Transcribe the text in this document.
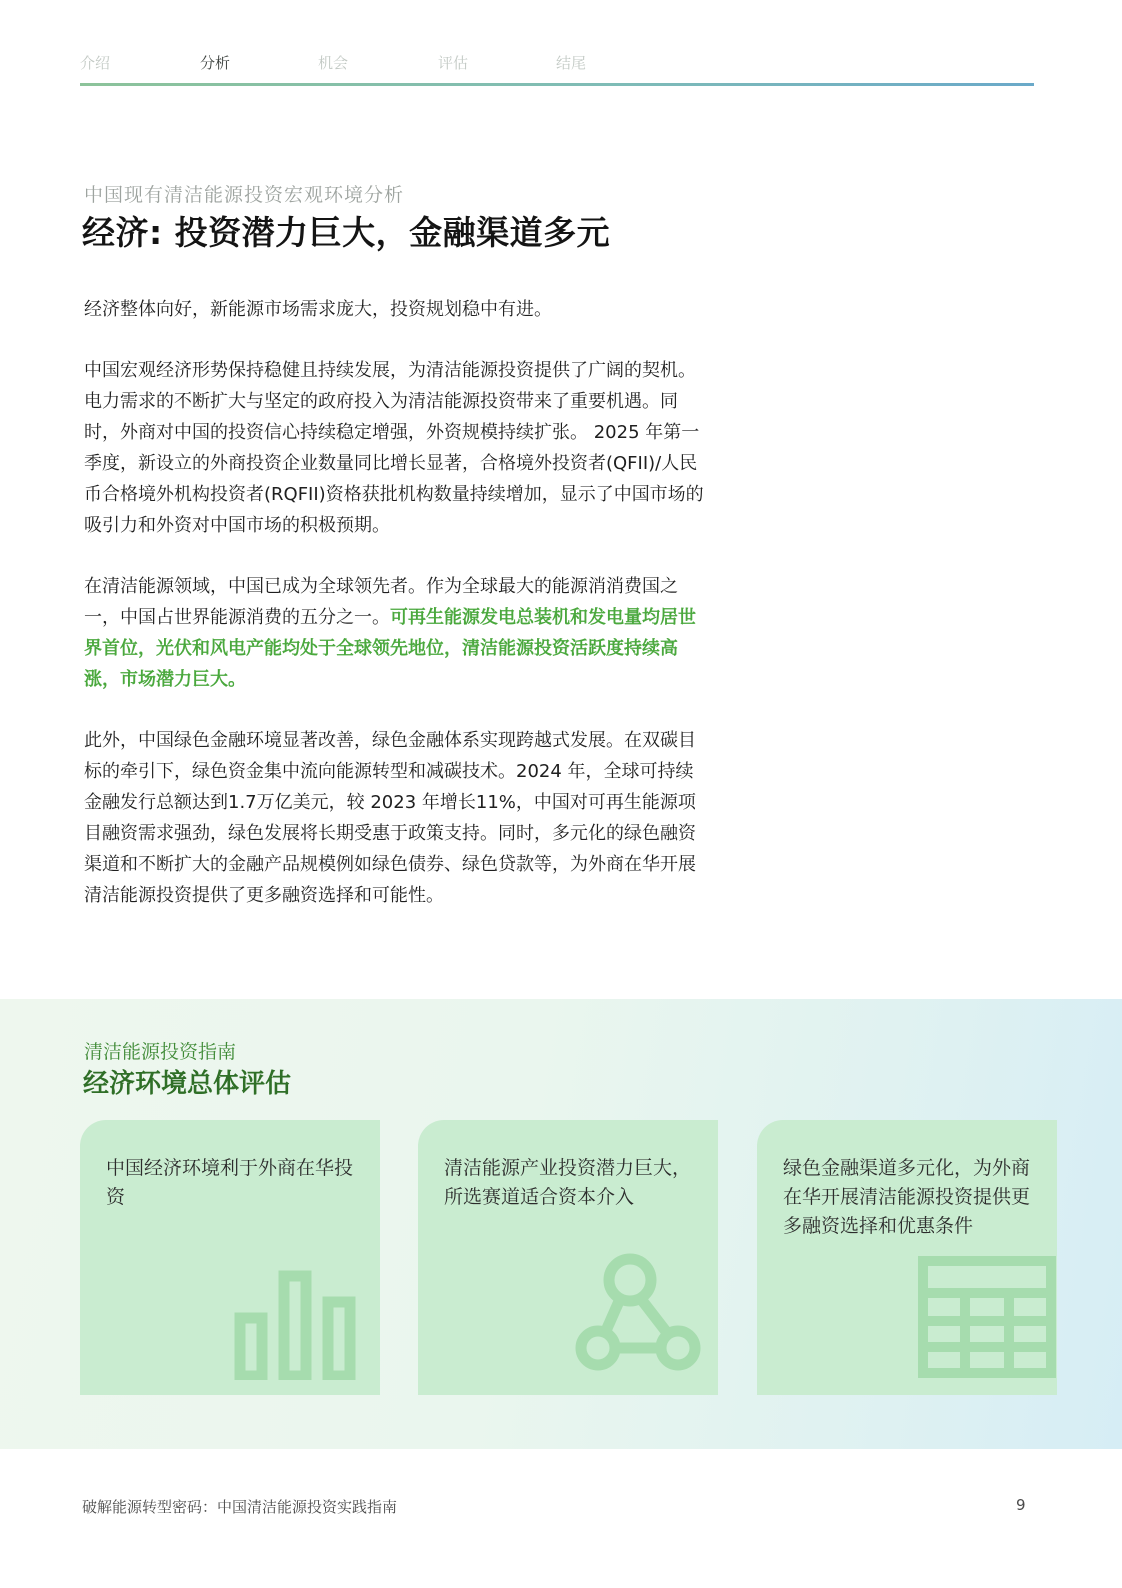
介绍	分析	机会	评估	结尾
中国现有清洁能源投资宏观环境分析
经济: 投资潜力巨大，金融渠道多元

经济整体向好，新能源市场需求庞大，投资规划稳中有进。

中国宏观经济形势保持稳健且持续发展，为清洁能源投资提供了广阔的契机。电力需求的不断扩大与坚定的政府投入为清洁能源投资带来了重要机遇。同时，外商对中国的投资信心持续稳定增强，外资规模持续扩张。 2025 年第一季度，新设立的外商投资企业数量同比增长显著，合格境外投资者(QFII)/人民币合格境外机构投资者(RQFII)资格获批机构数量持续增加，显示了中国市场的吸引力和外资对中国市场的积极预期。

在清洁能源领域，中国已成为全球领先者。作为全球最大的能源消消费国之一，中国占世界能源消费的五分之一。可再生能源发电总装机和发电量均居世界首位，光伏和风电产能均处于全球领先地位，清洁能源投资活跃度持续高涨，市场潜力巨大。

此外，中国绿色金融环境显著改善，绿色金融体系实现跨越式发展。在双碳目标的牵引下，绿色资金集中流向能源转型和减碳技术。2024 年，全球可持续金融发行总额达到1.7万亿美元，较 2023 年增长11%，中国对可再生能源项目融资需求强劲，绿色发展将长期受惠于政策支持。同时，多元化的绿色融资渠道和不断扩大的金融产品规模例如绿色债券、绿色贷款等，为外商在华开展清洁能源投资提供了更多融资选择和可能性。

清洁能源投资指南
经济环境总体评估
中国经济环境利于外商在华投资
清洁能源产业投资潜力巨大，所选赛道适合资本介入
绿色金融渠道多元化，为外商在华开展清洁能源投资提供更多融资选择和优惠条件
破解能源转型密码：中国清洁能源投资实践指南	9
